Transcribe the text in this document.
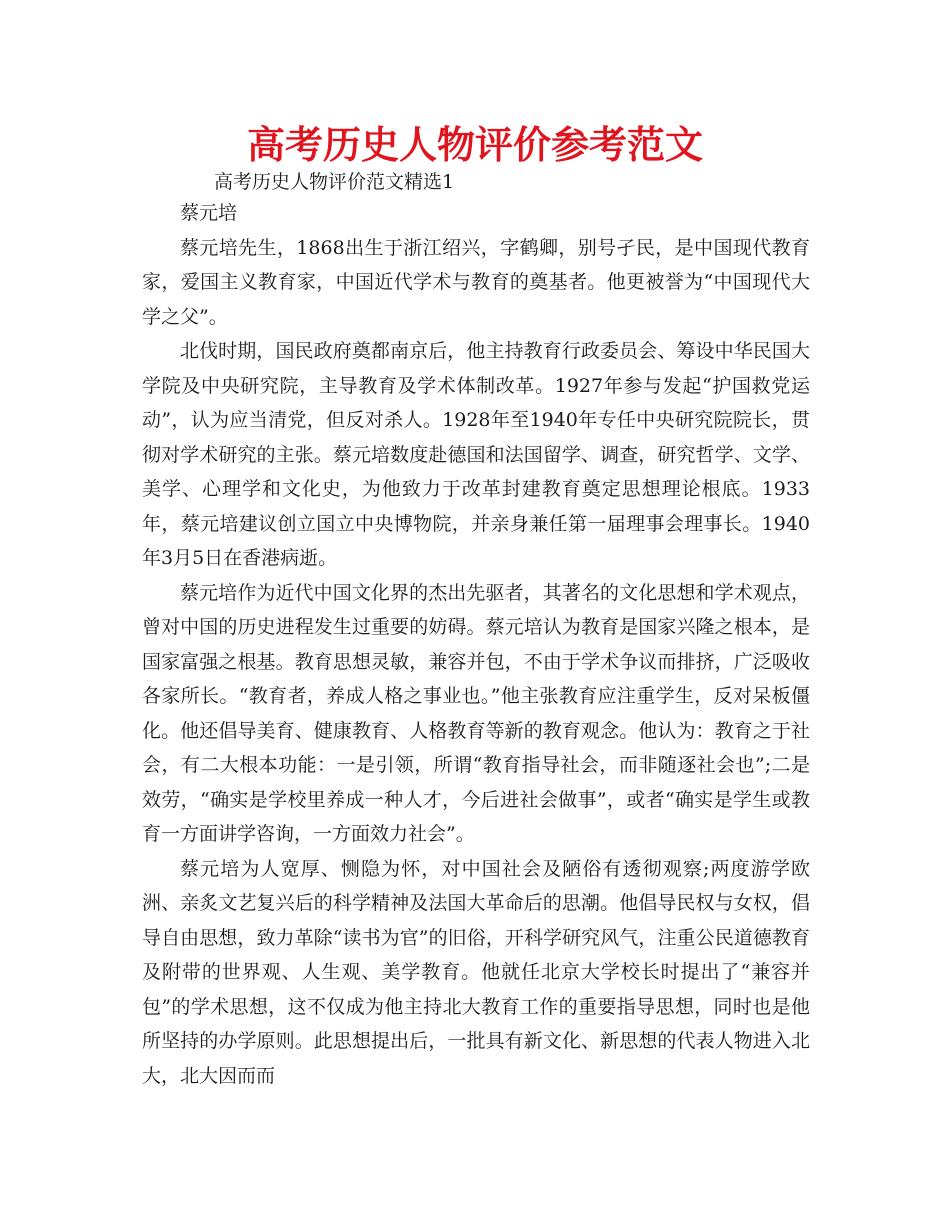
高考历史人物评价参考范文

高考历史人物评价范文精选1

蔡元培

蔡元培先生，1868出生于浙江绍兴，字鹤卿，别号孑民，是中国现代教育家，爱国主义教育家，中国近代学术与教育的奠基者。他更被誉为“中国现代大学之父”。

北伐时期，国民政府奠都南京后，他主持教育行政委员会、筹设中华民国大学院及中央研究院，主导教育及学术体制改革。1927年参与发起“护国救党运动”，认为应当清党，但反对杀人。1928年至1940年专任中央研究院院长，贯彻对学术研究的主张。蔡元培数度赴德国和法国留学、调查，研究哲学、文学、美学、心理学和文化史，为他致力于改革封建教育奠定思想理论根底。1933年，蔡元培建议创立国立中央博物院，并亲身兼任第一届理事会理事长。1940年3月5日在香港病逝。

蔡元培作为近代中国文化界的杰出先驱者，其著名的文化思想和学术观点，曾对中国的历史进程发生过重要的妨碍。蔡元培认为教育是国家兴隆之根本，是国家富强之根基。教育思想灵敏，兼容并包，不由于学术争议而排挤，广泛吸收各家所长。“教育者，养成人格之事业也。”他主张教育应注重学生，反对呆板僵化。他还倡导美育、健康教育、人格教育等新的教育观念。他认为：教育之于社会，有二大根本功能：一是引领，所谓“教育指导社会，而非随逐社会也”;二是效劳，“确实是学校里养成一种人才，今后进社会做事”，或者“确实是学生或教育一方面讲学咨询，一方面效力社会”。

蔡元培为人宽厚、恻隐为怀，对中国社会及陋俗有透彻观察;两度游学欧洲、亲炙文艺复兴后的科学精神及法国大革命后的思潮。他倡导民权与女权，倡导自由思想，致力革除“读书为官”的旧俗，开科学研究风气，注重公民道德教育及附带的世界观、人生观、美学教育。他就任北京大学校长时提出了“兼容并包”的学术思想，这不仅成为他主持北大教育工作的重要指导思想，同时也是他所坚持的办学原则。此思想提出后，一批具有新文化、新思想的代表人物进入北大，北大因而而
